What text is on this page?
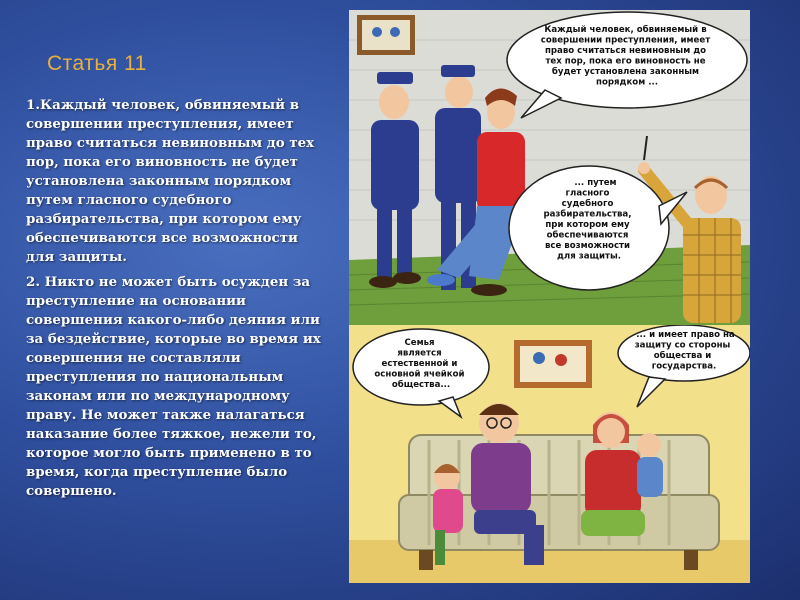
Статья 11

1.Каждый человек, обвиняемый в совершении преступления, имеет право считаться невиновным до тех пор, пока его виновность не будет установлена законным порядком путем гласного судебного разбирательства, при котором ему обеспечиваются все возможности для защиты.

2. Никто не может быть осужден за преступление на основании совершения какого-либо деяния или за бездействие, которые во время их совершения не составляли преступления по национальным законам или по международному праву. Не может также налагаться наказание более тяжкое, нежели то, которое могло быть применено в то время, когда преступление было совершено.

Каждый человек, обвиняемый в совершении преступления, имеет право считаться невиновным до тех пор, пока его виновность не будет установлена законным порядком ...
... путем гласного судебного разбирательства, при котором ему обеспечиваются все возможности для защиты.
Семья является естественной и основной ячейкой общества...
... и имеет право на защиту со стороны общества и государства.
